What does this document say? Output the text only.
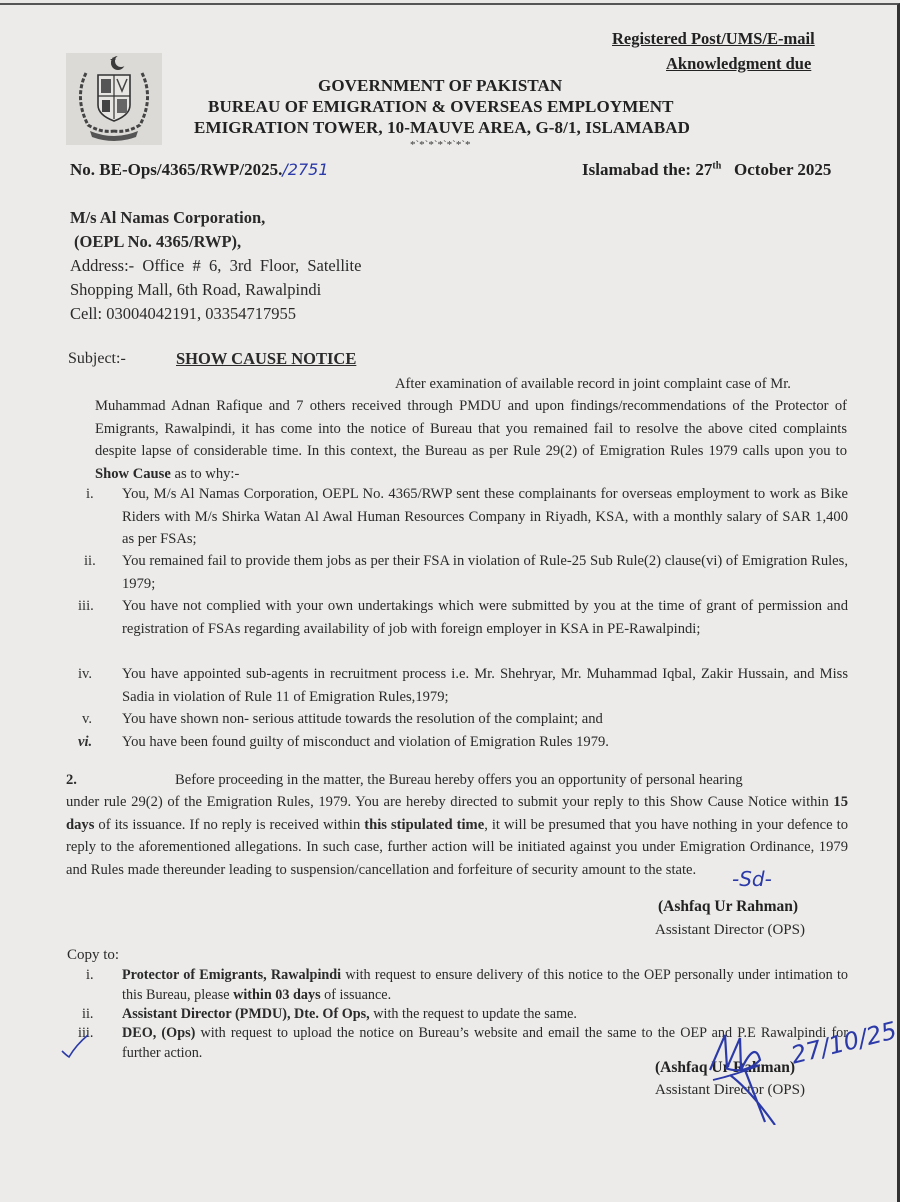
Registered Post/UMS/E-mail
Aknowledgment due
GOVERNMENT OF PAKISTAN
BUREAU OF EMIGRATION & OVERSEAS EMPLOYMENT
EMIGRATION TOWER, 10-MAUVE AREA, G-8/1, ISLAMABAD
*`*`*`*`*`*`*
No. BE-Ops/4365/RWP/2025./2751	Islamabad the: 27th October 2025
M/s Al Namas Corporation,
(OEPL No. 4365/RWP),
Address:-  Office  #  6,  3rd  Floor,  Satellite
Shopping Mall, 6th Road, Rawalpindi
Cell: 03004042191, 03354717955
Subject:-	SHOW CAUSE NOTICE
After examination of available record in joint complaint case of Mr.
Muhammad Adnan Rafique and 7 others received through PMDU and upon findings/recommendations of the Protector of Emigrants, Rawalpindi, it has come into the notice of Bureau that you remained fail to resolve the above cited complaints despite lapse of considerable time. In this context, the Bureau as per Rule 29(2) of Emigration Rules 1979 calls upon you to Show Cause as to why:-
i. You, M/s Al Namas Corporation, OEPL No. 4365/RWP sent these complainants for overseas employment to work as Bike Riders with M/s Shirka Watan Al Awal Human Resources Company in Riyadh, KSA, with a monthly salary of SAR 1,400 as per FSAs;
ii. You remained fail to provide them jobs as per their FSA in violation of Rule-25 Sub Rule(2) clause(vi) of Emigration Rules, 1979;
iii. You have not complied with your own undertakings which were submitted by you at the time of grant of permission and registration of FSAs regarding availability of job with foreign employer in KSA in PE-Rawalpindi;
iv. You have appointed sub-agents in recruitment process i.e. Mr. Shehryar, Mr. Muhammad Iqbal, Zakir Hussain, and Miss Sadia in violation of Rule 11 of Emigration Rules,1979;
v. You have shown non- serious attitude towards the resolution of the complaint; and
vi. You have been found guilty of misconduct and violation of Emigration Rules 1979.
2.	Before proceeding in the matter, the Bureau hereby offers you an opportunity of personal hearing
under rule 29(2) of the Emigration Rules, 1979. You are hereby directed to submit your reply to this Show Cause Notice within 15 days of its issuance. If no reply is received within this stipulated time, it will be presumed that you have nothing in your defence to reply to the aforementioned allegations. In such case, further action will be initiated against you under Emigration Ordinance, 1979 and Rules made thereunder leading to suspension/cancellation and forfeiture of security amount to the state.	-Sd-
(Ashfaq Ur Rahman)
Assistant Director (OPS)
Copy to:
i. Protector of Emigrants, Rawalpindi with request to ensure delivery of this notice to the OEP personally under intimation to this Bureau, please within 03 days of issuance.
ii. Assistant Director (PMDU), Dte. Of Ops, with the request to update the same.
iii. DEO, (Ops) with request to upload the notice on Bureau’s website and email the same to the OEP and P.E Rawalpindi for further action.
(Ashfaq Ur Rahman)
Assistant Director (OPS)
27/10/25
